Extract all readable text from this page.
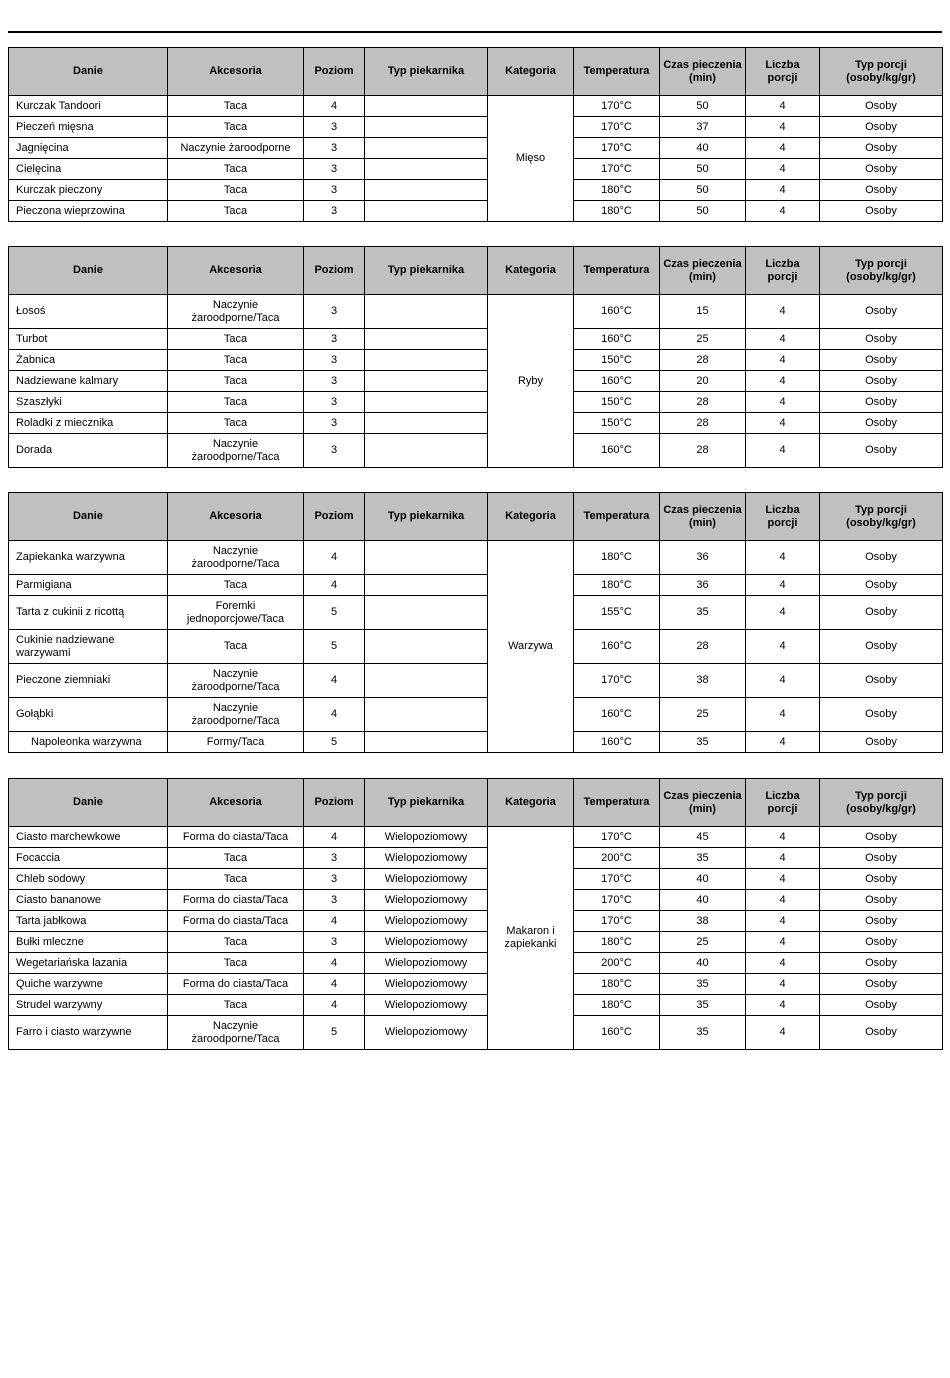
Danie	Akcesoria	Poziom	Typ piekarnika	Kategoria	Temperatura	Czas pieczenia (min)	Liczba porcji	Typ porcji (osoby/kg/gr)
Kurczak Tandoori	Taca	4		Mięso	170°C	50	4	Osoby
Pieczeń mięsna	Taca	3			170°C	37	4	Osoby
Jagnięcina	Naczynie żaroodporne	3			170°C	40	4	Osoby
Cielęcina	Taca	3			170°C	50	4	Osoby
Kurczak pieczony	Taca	3			180°C	50	4	Osoby
Pieczona wieprzowina	Taca	3			180°C	50	4	Osoby
Danie	Akcesoria	Poziom	Typ piekarnika	Kategoria	Temperatura	Czas pieczenia (min)	Liczba porcji	Typ porcji (osoby/kg/gr)
Łosoś	Naczynie żaroodporne/Taca	3		Ryby	160°C	15	4	Osoby
Turbot	Taca	3			160°C	25	4	Osoby
Żabnica	Taca	3			150°C	28	4	Osoby
Nadziewane kalmary	Taca	3			160°C	20	4	Osoby
Szaszłyki	Taca	3			150°C	28	4	Osoby
Roladki z miecznika	Taca	3			150°C	28	4	Osoby
Dorada	Naczynie żaroodporne/Taca	3			160°C	28	4	Osoby
Danie	Akcesoria	Poziom	Typ piekarnika	Kategoria	Temperatura	Czas pieczenia (min)	Liczba porcji	Typ porcji (osoby/kg/gr)
Zapiekanka warzywna	Naczynie żaroodporne/Taca	4		Warzywa	180°C	36	4	Osoby
Parmigiana	Taca	4			180°C	36	4	Osoby
Tarta z cukinii z ricottą	Foremki jednoporcjowe/Taca	5			155°C	35	4	Osoby
Cukinie nadziewane warzywami	Taca	5			160°C	28	4	Osoby
Pieczone ziemniaki	Naczynie żaroodporne/Taca	4			170°C	38	4	Osoby
Gołąbki	Naczynie żaroodporne/Taca	4			160°C	25	4	Osoby
Napoleonka warzywna	Formy/Taca	5			160°C	35	4	Osoby
Danie	Akcesoria	Poziom	Typ piekarnika	Kategoria	Temperatura	Czas pieczenia (min)	Liczba porcji	Typ porcji (osoby/kg/gr)
Ciasto marchewkowe	Forma do ciasta/Taca	4	Wielopoziomowy	Makaron i zapiekanki	170°C	45	4	Osoby
Focaccia	Taca	3	Wielopoziomowy		200°C	35	4	Osoby
Chleb sodowy	Taca	3	Wielopoziomowy		170°C	40	4	Osoby
Ciasto bananowe	Forma do ciasta/Taca	3	Wielopoziomowy		170°C	40	4	Osoby
Tarta jabłkowa	Forma do ciasta/Taca	4	Wielopoziomowy		170°C	38	4	Osoby
Bułki mleczne	Taca	3	Wielopoziomowy		180°C	25	4	Osoby
Wegetariańska lazania	Taca	4	Wielopoziomowy		200°C	40	4	Osoby
Quiche warzywne	Forma do ciasta/Taca	4	Wielopoziomowy		180°C	35	4	Osoby
Strudel warzywny	Taca	4	Wielopoziomowy		180°C	35	4	Osoby
Farro i ciasto warzywne	Naczynie żaroodporne/Taca	5	Wielopoziomowy		160°C	35	4	Osoby
